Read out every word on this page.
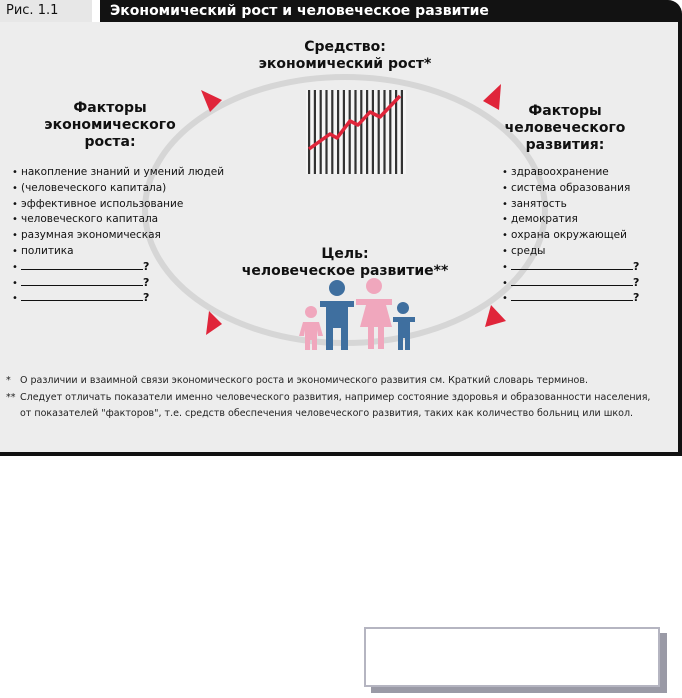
Рис. 1.1	Экономический рост и человеческое развитие
Средство:
экономический рост*
Цель:
человеческое развитие**
Факторы
экономического
роста:
Факторы
человеческого
развития:
• накопление знаний и умений людей
• (человеческого капитала)
• эффективное использование
• человеческого капитала
• разумная экономическая
• политика
• ?
• ?
• ?
• здравоохранение
• система образования
• занятость
• демократия
• охрана окружающей
• среды
• ?
• ?
• ?
* О различии и взаимной связи экономического роста и экономического развития см. Краткий словарь терминов.
** Следует отличать показатели именно человеческого развития, например состояние здоровья и образованности населения, от показателей "факторов", т.е. средств обеспечения человеческого развития, таких как количество больниц или школ.
